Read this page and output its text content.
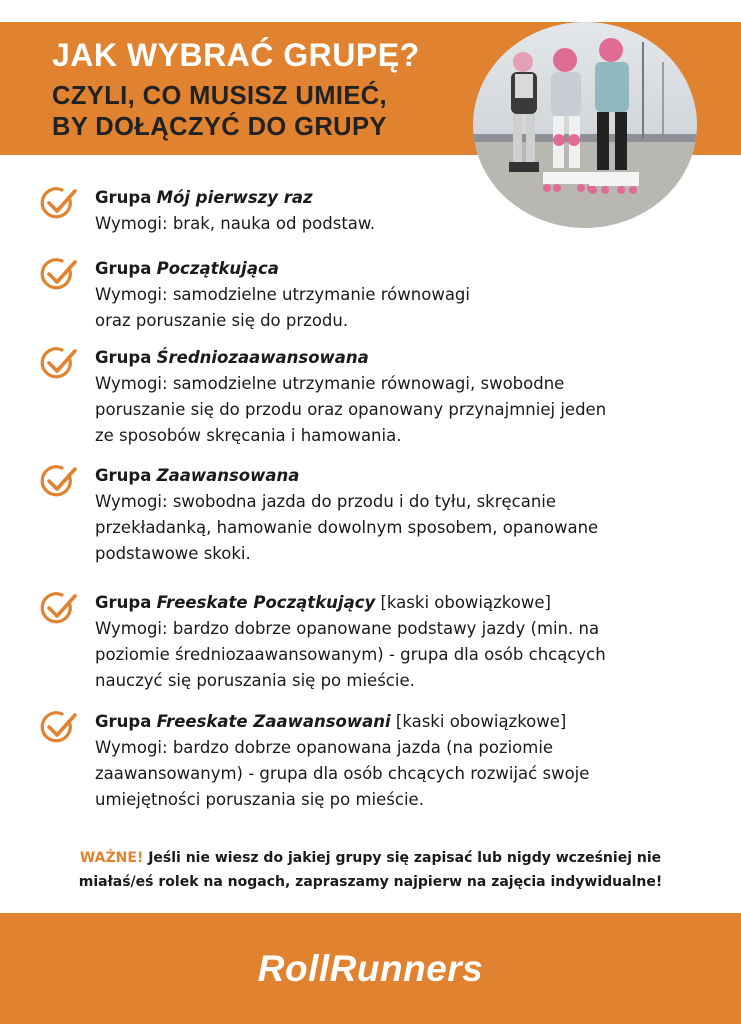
JAK WYBRAĆ GRUPĘ?
CZYLI, CO MUSISZ UMIEĆ,
BY DOŁĄCZYĆ DO GRUPY
Grupa Mój pierwszy raz
Wymogi: brak, nauka od podstaw.
Grupa Początkująca
Wymogi: samodzielne utrzymanie równowagi
oraz poruszanie się do przodu.
Grupa Średniozaawansowana
Wymogi: samodzielne utrzymanie równowagi, swobodne
poruszanie się do przodu oraz opanowany przynajmniej jeden
ze sposobów skręcania i hamowania.
Grupa Zaawansowana
Wymogi: swobodna jazda do przodu i do tyłu, skręcanie
przekładanką, hamowanie dowolnym sposobem, opanowane
podstawowe skoki.
Grupa Freeskate Początkujący [kaski obowiązkowe]
Wymogi: bardzo dobrze opanowane podstawy jazdy (min. na
poziomie średniozaawansowanym) - grupa dla osób chcących
nauczyć się poruszania się po mieście.
Grupa Freeskate Zaawansowani [kaski obowiązkowe]
Wymogi: bardzo dobrze opanowana jazda (na poziomie
zaawansowanym) - grupa dla osób chcących rozwijać swoje
umiejętności poruszania się po mieście.
WAŻNE! Jeśli nie wiesz do jakiej grupy się zapisać lub nigdy wcześniej nie
miałaś/eś rolek na nogach, zapraszamy najpierw na zajęcia indywidualne!
RollRunners
